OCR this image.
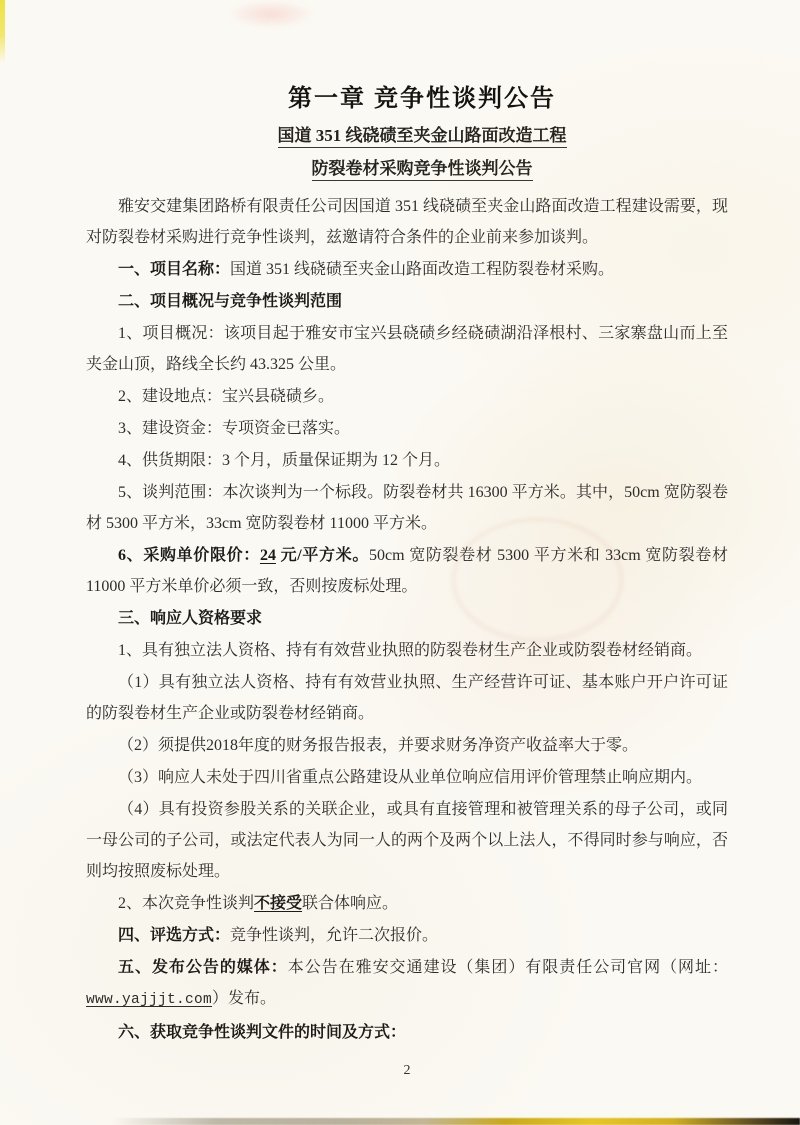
第一章 竞争性谈判公告
国道 351 线硗碛至夹金山路面改造工程
防裂卷材采购竞争性谈判公告

雅安交建集团路桥有限责任公司因国道 351 线硗碛至夹金山路面改造工程建设需要，现对防裂卷材采购进行竞争性谈判，兹邀请符合条件的企业前来参加谈判。

一、项目名称：国道 351 线硗碛至夹金山路面改造工程防裂卷材采购。

二、项目概况与竞争性谈判范围

1、项目概况：该项目起于雅安市宝兴县硗碛乡经硗碛湖沿泽根村、三家寨盘山而上至夹金山顶，路线全长约 43.325 公里。

2、建设地点：宝兴县硗碛乡。

3、建设资金：专项资金已落实。

4、供货期限：3 个月，质量保证期为 12 个月。

5、谈判范围：本次谈判为一个标段。防裂卷材共 16300 平方米。其中，50cm 宽防裂卷材 5300 平方米，33cm 宽防裂卷材 11000 平方米。

6、采购单价限价：24 元/平方米。50cm 宽防裂卷材 5300 平方米和 33cm 宽防裂卷材 11000 平方米单价必须一致，否则按废标处理。

三、响应人资格要求

1、具有独立法人资格、持有有效营业执照的防裂卷材生产企业或防裂卷材经销商。

（1）具有独立法人资格、持有有效营业执照、生产经营许可证、基本账户开户许可证的防裂卷材生产企业或防裂卷材经销商。

（2）须提供2018年度的财务报告报表，并要求财务净资产收益率大于零。

（3）响应人未处于四川省重点公路建设从业单位响应信用评价管理禁止响应期内。

（4）具有投资参股关系的关联企业，或具有直接管理和被管理关系的母子公司，或同一母公司的子公司，或法定代表人为同一人的两个及两个以上法人，不得同时参与响应，否则均按照废标处理。

2、本次竞争性谈判不接受联合体响应。

四、评选方式：竞争性谈判，允许二次报价。

五、发布公告的媒体：本公告在雅安交通建设（集团）有限责任公司官网（网址：www.yajjjt.com）发布。

六、获取竞争性谈判文件的时间及方式：

2
